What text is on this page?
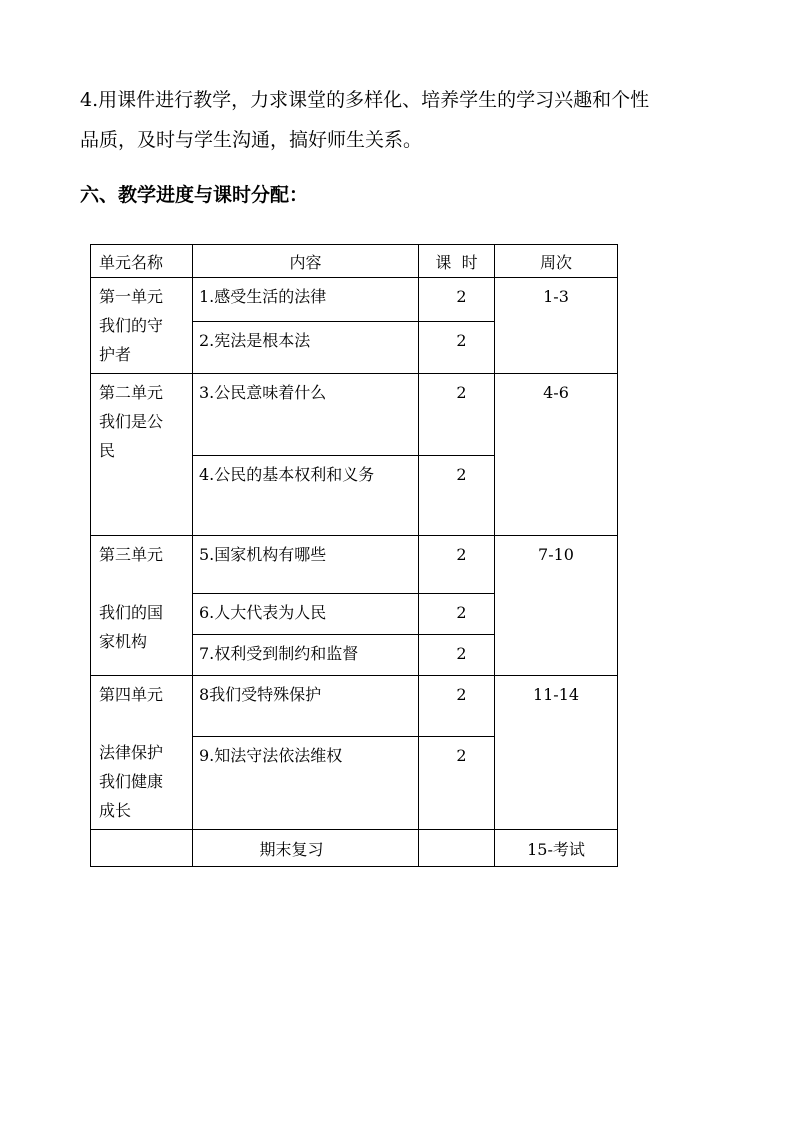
4.用课件进行教学，力求课堂的多样化、培养学生的学习兴趣和个性
品质，及时与学生沟通，搞好师生关系。
六、教学进度与课时分配：
单元名称	内容	课  时	周次

第一单元
我们的守
护者	1.感受生活的法律	2	1-3

	2.宪法是根本法	2	

第二单元
我们是公
民	3.公民意味着什么	2	4-6

	4.公民的基本权利和义务	2	

第三单元
我们的国
家机构	5.国家机构有哪些	2	7-10

	6.人大代表为人民	2	

	7.权利受到制约和监督	2	

第四单元
法律保护
我们健康
成长	8我们受特殊保护	2	11-14

	9.知法守法依法维权	2	

	期末复习		15-考试
